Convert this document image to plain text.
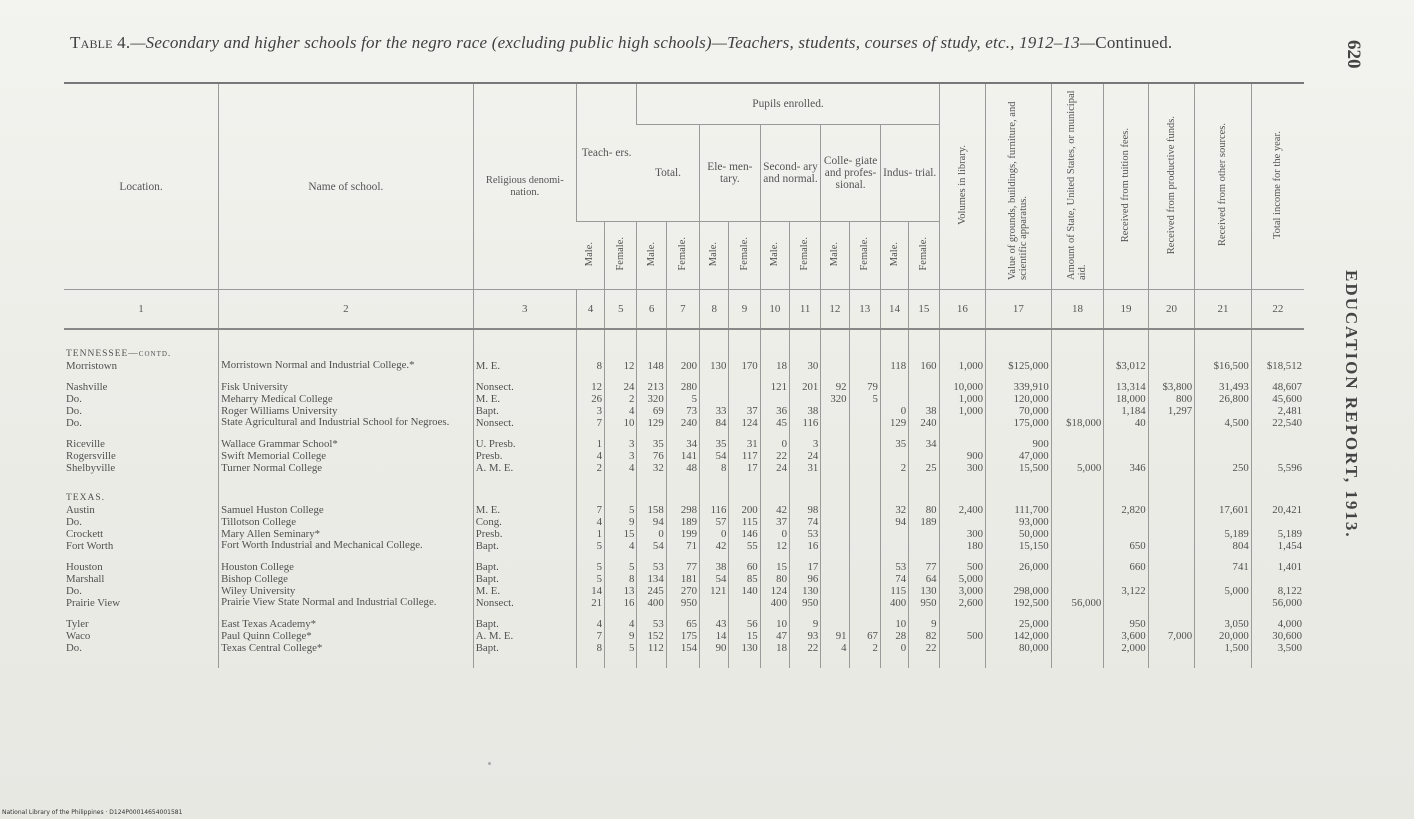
Table 4.—Secondary and higher schools for the negro race (excluding public high schools)—Teachers, students, courses of study, etc., 1912–13—Continued.	620
EDUCATION REPORT, 1913.
Location.	Name of school.	Religious denomi- nation.	Teach- ers.		Pupils enrolled.										Volumes in library.	Value of grounds, buildings, furniture, and scientific apparatus.	Amount of State, United States, or municipal aid.	Received from tuition fees.	Received from productive funds.	Received from other sources.	Total income for the year.
					Total.		Ele- men- tary.		Second- ary and normal.		Colle- giate and profes- sional.		Indus- trial.								

			Male.	Female.	Male.	Female.	Male.	Female.	Male.	Female.	Male.	Female.	Male.	Female.							
1	2	3	4	5	6	7	8	9	10	11	12	13	14	15	16	17	18	19	20	21	22
TENNESSEE—contd.																					
Morristown	Morristown Normal and Industrial College.*	M. E.	8	12	148	200	130	170	18	30			118	160	1,000	$125,000		$3,012		$16,500	$18,512
Nashville	Fisk University	Nonsect.	12	24	213	280			121	201	92	79			10,000	339,910		13,314	$3,800	31,493	48,607
Do.	Meharry Medical College	M. E.	26	2	320	5					320	5			1,000	120,000		18,000	800	26,800	45,600
Do.	Roger Williams University	Bapt.	3	4	69	73	33	37	36	38			0	38	1,000	70,000		1,184	1,297		2,481
Do.	State Agricultural and Industrial School for Negroes.	Nonsect.	7	10	129	240	84	124	45	116			129	240		175,000	$18,000	40		4,500	22,540
Riceville	Wallace Grammar School*	U. Presb.	1	3	35	34	35	31	0	3			35	34		900					
Rogersville	Swift Memorial College	Presb.	4	3	76	141	54	117	22	24					900	47,000					
Shelbyville	Turner Normal College	A. M. E.	2	4	32	48	8	17	24	31			2	25	300	15,500	5,000	346		250	5,596
TEXAS.																					
Austin	Samuel Huston College	M. E.	7	5	158	298	116	200	42	98			32	80	2,400	111,700		2,820		17,601	20,421
Do.	Tillotson College	Cong.	4	9	94	189	57	115	37	74			94	189		93,000					
Crockett	Mary Allen Seminary*	Presb.	1	15	0	199	0	146	0	53					300	50,000				5,189	5,189
Fort Worth	Fort Worth Industrial and Mechanical College.	Bapt.	5	4	54	71	42	55	12	16					180	15,150		650		804	1,454
Houston	Houston College	Bapt.	5	5	53	77	38	60	15	17			53	77	500	26,000		660		741	1,401
Marshall	Bishop College	Bapt.	5	8	134	181	54	85	80	96			74	64	5,000						
Do.	Wiley University	M. E.	14	13	245	270	121	140	124	130			115	130	3,000	298,000		3,122		5,000	8,122
Prairie View	Prairie View State Normal and Industrial College.	Nonsect.	21	16	400	950			400	950			400	950	2,600	192,500	56,000				56,000
Tyler	East Texas Academy*	Bapt.	4	4	53	65	43	56	10	9			10	9		25,000		950		3,050	4,000
Waco	Paul Quinn College*	A. M. E.	7	9	152	175	14	15	47	93	91	67	28	82	500	142,000		3,600	7,000	20,000	30,600
Do.	Texas Central College*	Bapt.	8	5	112	154	90	130	18	22	4	2	0	22		80,000		2,000		1,500	3,500

National Library of the Philippines · D124P00014654001581
